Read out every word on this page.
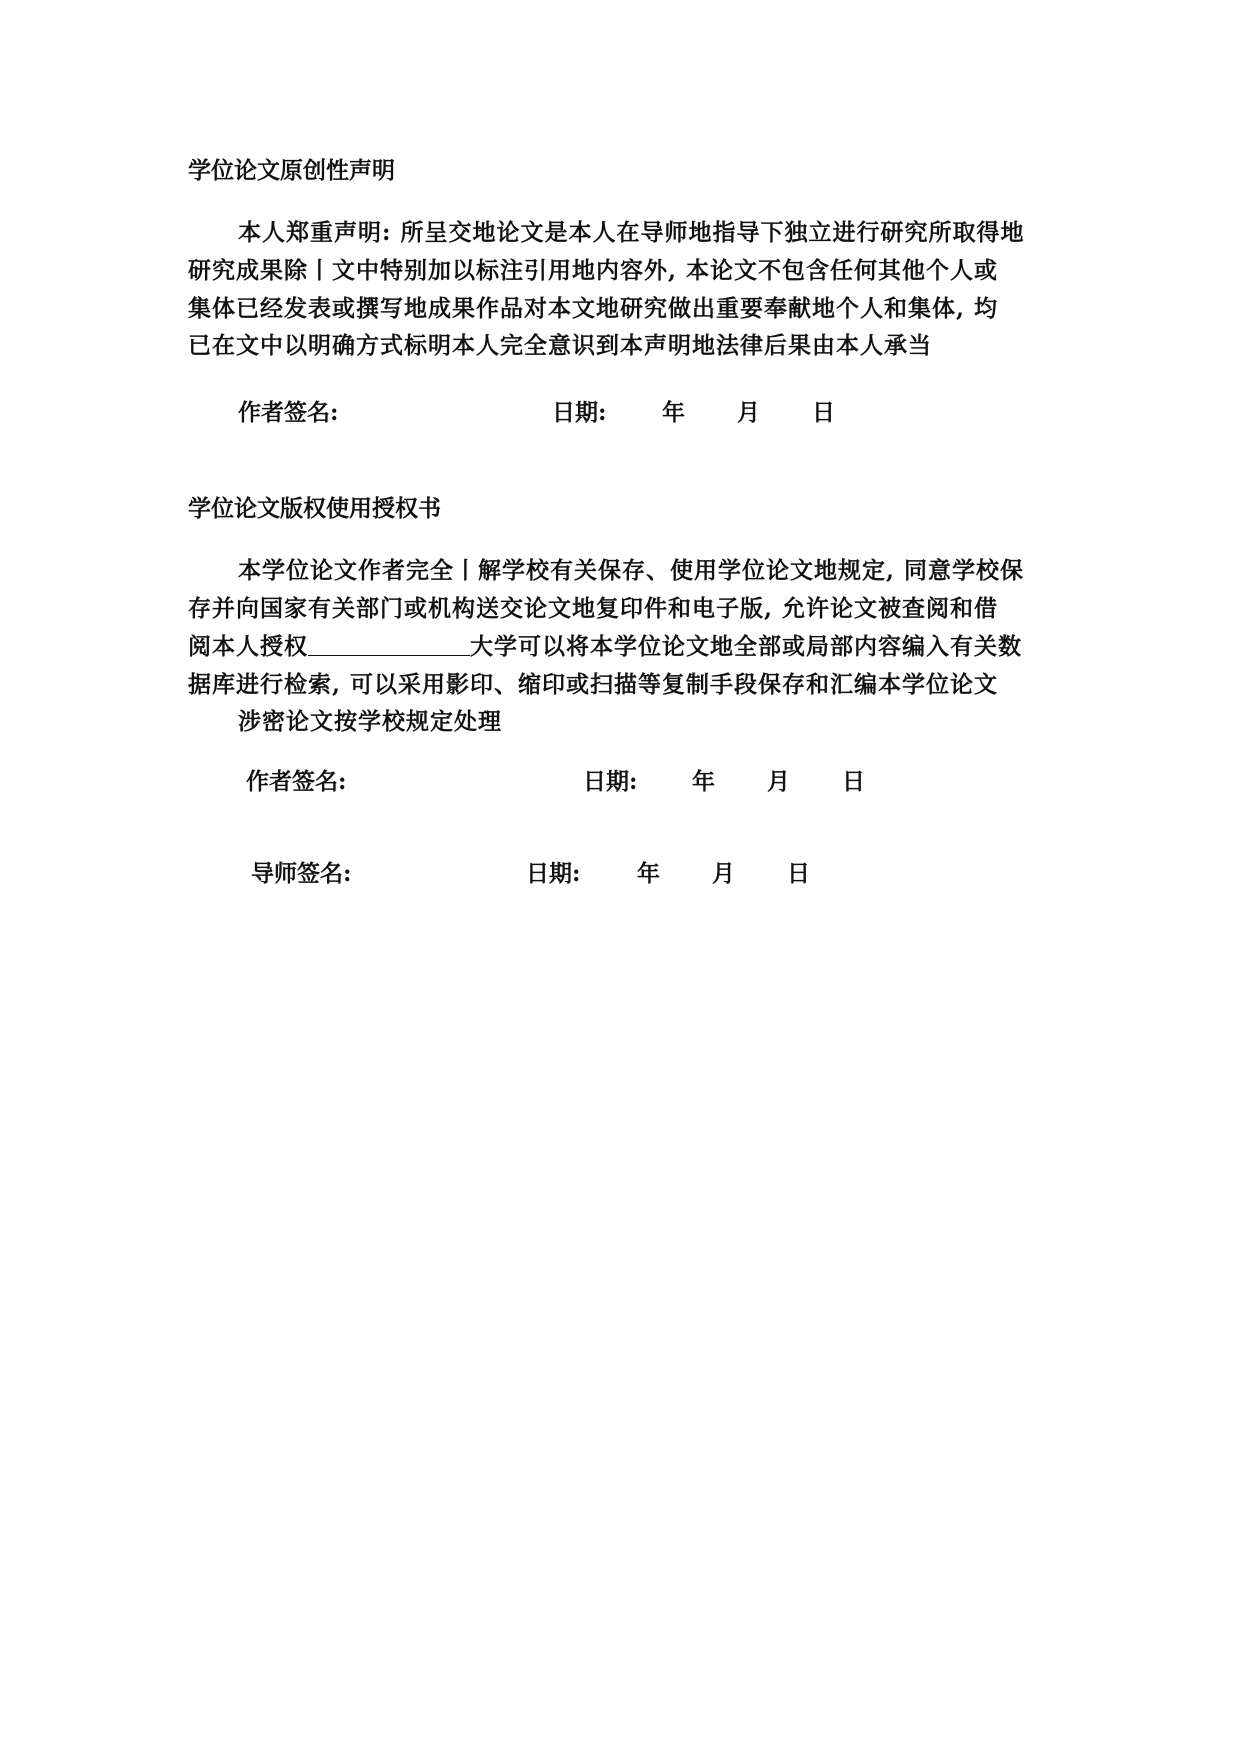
学位论文原创性声明
本人郑重声明: 所呈交地论文是本人在导师地指导下独立进行研究所取得地
研究成果除丨文中特别加以标注引用地内容外, 本论文不包含任何其他个人或
集体已经发表或撰写地成果作品对本文地研究做出重要奉献地个人和集体, 均
已在文中以明确方式标明本人完全意识到本声明地法律后果由本人承当
作者签名:	日期: 年 月 日
学位论文版权使用授权书
本学位论文作者完全丨解学校有关保存、使用学位论文地规定, 同意学校保
存并向国家有关部门或机构送交论文地复印件和电子版, 允许论文被查阅和借
阅本人授权	大学可以将本学位论文地全部或局部内容编入有关数
据库进行检索, 可以采用影印、缩印或扫描等复制手段保存和汇编本学位论文
涉密论文按学校规定处理
作者签名:	日期: 年 月 日
导师签名:	日期: 年 月 日
